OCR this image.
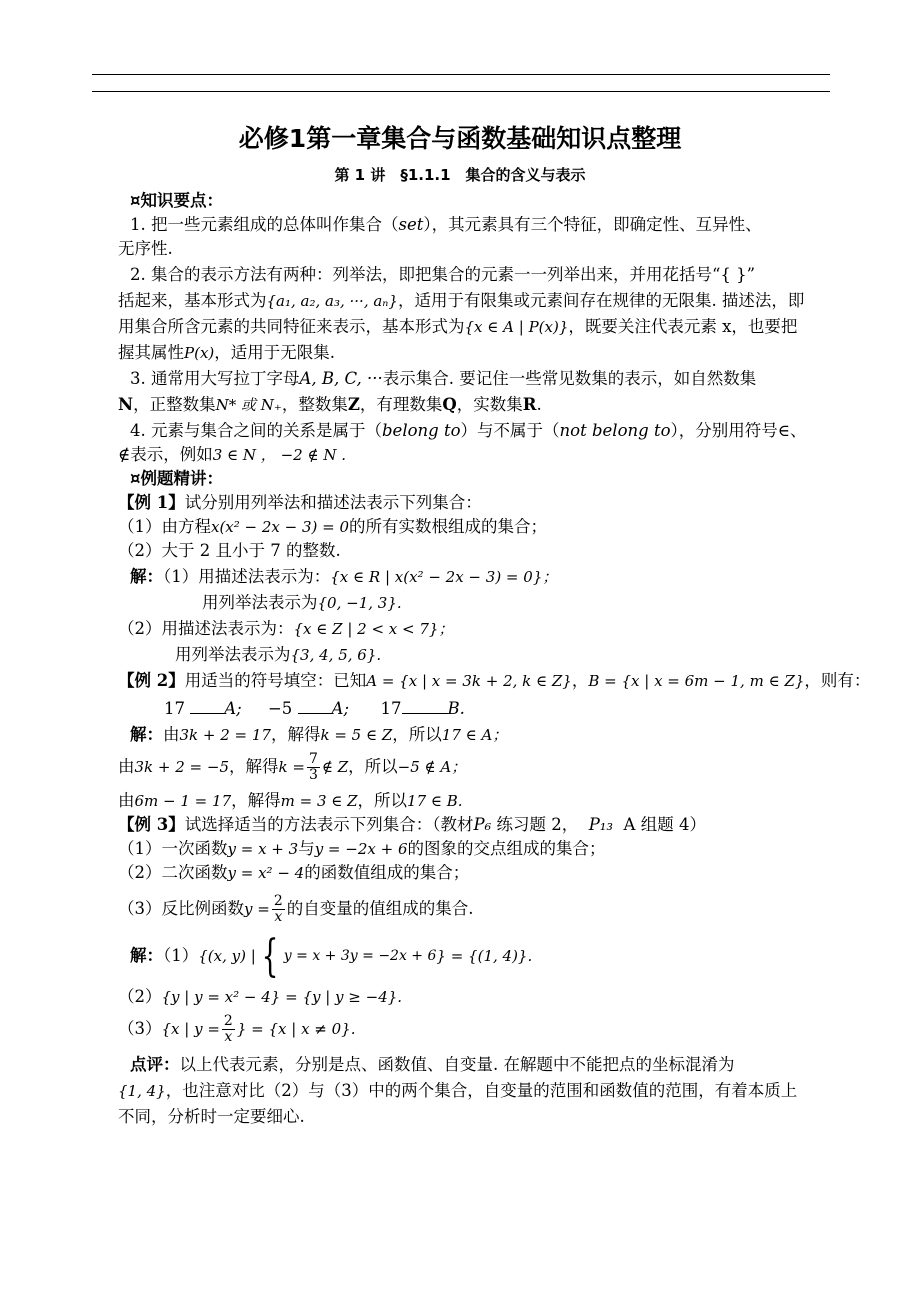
必修1第一章集合与函数基础知识点整理
第 1 讲　§1.1.1　集合的含义与表示
¤知识要点：
1. 把一些元素组成的总体叫作集合（set），其元素具有三个特征，即确定性、互异性、
无序性.
2. 集合的表示方法有两种：列举法，即把集合的元素一一列举出来，并用花括号“{ }”
括起来，基本形式为{a₁, a₂, a₃, ···, aₙ}，适用于有限集或元素间存在规律的无限集. 描述法，即
用集合所含元素的共同特征来表示，基本形式为{x ∈ A | P(x)}，既要关注代表元素 x，也要把
握其属性P(x)，适用于无限集.
3. 通常用大写拉丁字母A, B, C, ···表示集合. 要记住一些常见数集的表示，如自然数集
N，正整数集N* 或 N₊，整数集Z，有理数集Q，实数集R.
4. 元素与集合之间的关系是属于（belong to）与不属于（not belong to），分别用符号∈、
∉表示，例如3 ∈ N ， −2 ∉ N .
¤例题精讲：
【例 1】试分别用列举法和描述法表示下列集合：
（1）由方程x(x² − 2x − 3) = 0的所有实数根组成的集合；
（2）大于 2 且小于 7 的整数.
解：（1）用描述法表示为：{x ∈ R | x(x² − 2x − 3) = 0}；
用列举法表示为{0, −1, 3}.
（2）用描述法表示为：{x ∈ Z | 2 < x < 7}；
用列举法表示为{3, 4, 5, 6}.
【例 2】用适当的符号填空：已知A = {x | x = 3k + 2, k ∈ Z}，B = {x | x = 6m − 1, m ∈ Z}，则有：
17 A; −5 A; 17	B.
解：由3k + 2 = 17，解得k = 5 ∈ Z，所以17 ∈ A；
由3k + 2 = −5，解得$k = \frac{7}{3}$ ∉ Z，所以−5 ∉ A；
由6m − 1 = 17，解得m = 3 ∈ Z，所以17 ∈ B.
【例 3】试选择适当的方法表示下列集合：（教材P₆ 练习题 2， P₁₃ A 组题 4）
（1）一次函数y = x + 3与y = −2x + 6的图象的交点组成的集合；
（2）二次函数y = x² − 4的函数值组成的集合；
（3）反比例函数$y = \frac{2}{x}$ 的自变量的值组成的集合.
解：（1）{(x, y) | { y = x + 3y = −2x + 6} = {(1, 4)}.
（2）{y | y = x² − 4} = {y | y ≥ −4}.
（3）{x | $y = \frac{2}{x}$ } = {x | x ≠ 0}.
点评：以上代表元素，分别是点、函数值、自变量. 在解题中不能把点的坐标混淆为
{1, 4}，也注意对比（2）与（3）中的两个集合，自变量的范围和函数值的范围，有着本质上
不同，分析时一定要细心.
